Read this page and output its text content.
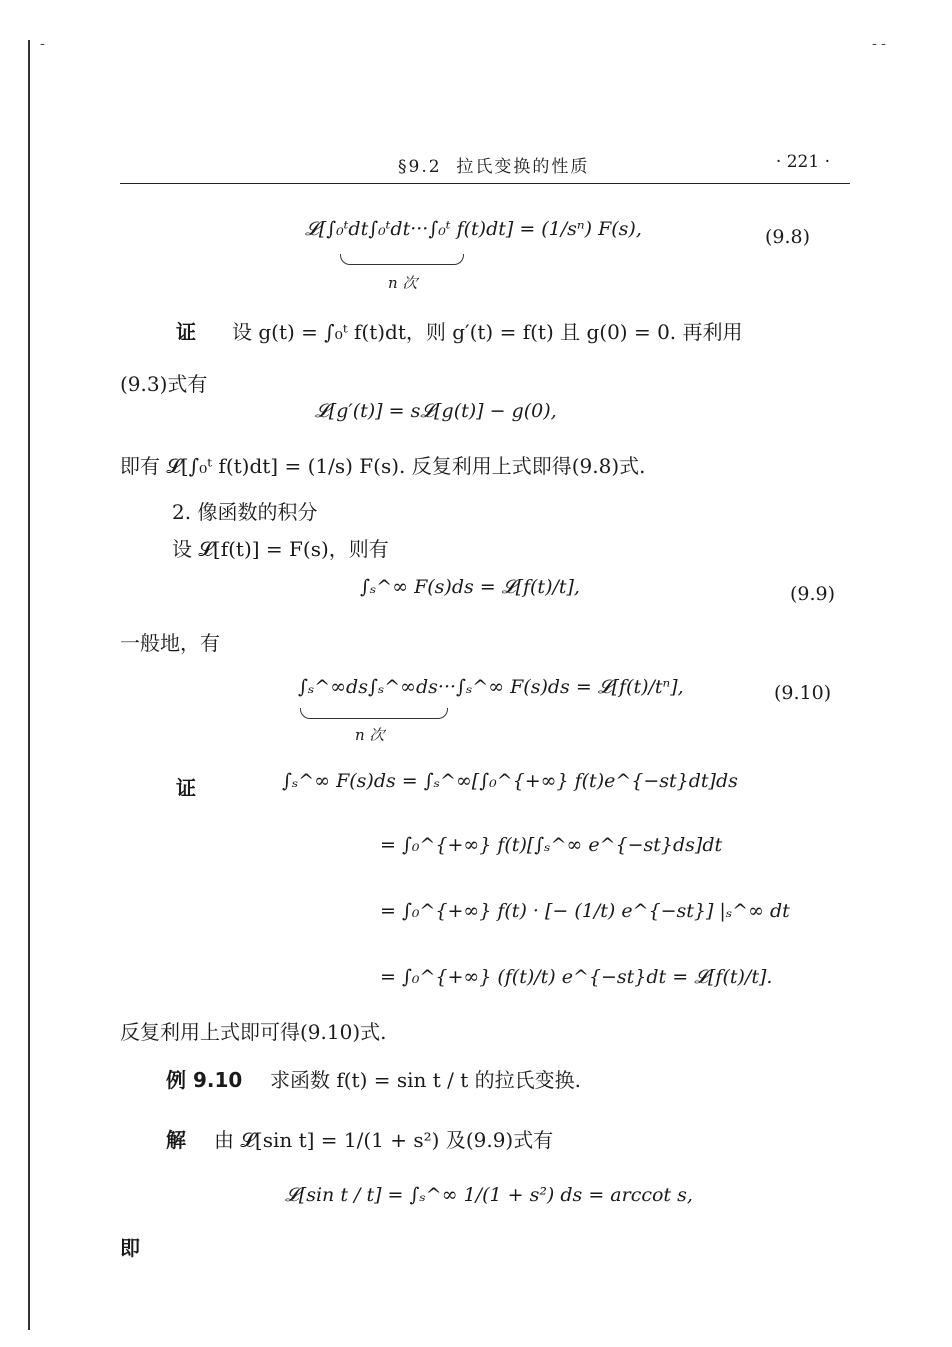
-	- -
§9.2 拉氏变换的性质	· 221 ·
𝓛[∫₀ᵗdt∫₀ᵗdt···∫₀ᵗ f(t)dt] = (1/sⁿ) F(s),
n 次
(9.8)
证 设 g(t) = ∫₀ᵗ f(t)dt，则 g′(t) = f(t) 且 g(0) = 0. 再利用
(9.3)式有
𝓛[g′(t)] = s𝓛[g(t)] − g(0),
即有 𝓛[∫₀ᵗ f(t)dt] = (1/s) F(s). 反复利用上式即得(9.8)式.
2. 像函数的积分
设 𝓛[f(t)] = F(s)，则有
∫ₛ^∞ F(s)ds = 𝓛[f(t)/t],	(9.9)
一般地，有
∫ₛ^∞ds∫ₛ^∞ds···∫ₛ^∞ F(s)ds = 𝓛[f(t)/tⁿ],
n 次
(9.10)
证	∫ₛ^∞ F(s)ds = ∫ₛ^∞[∫₀^{+∞} f(t)e^{−st}dt]ds
= ∫₀^{+∞} f(t)[∫ₛ^∞ e^{−st}ds]dt
= ∫₀^{+∞} f(t) · [− (1/t) e^{−st}] |ₛ^∞ dt
= ∫₀^{+∞} (f(t)/t) e^{−st}dt = 𝓛[f(t)/t].
反复利用上式即可得(9.10)式.
例 9.10 求函数 f(t) = sin t / t 的拉氏变换.
解 由 𝓛[sin t] = 1/(1 + s²) 及(9.9)式有
𝓛[sin t / t] = ∫ₛ^∞ 1/(1 + s²) ds = arccot s,
即
